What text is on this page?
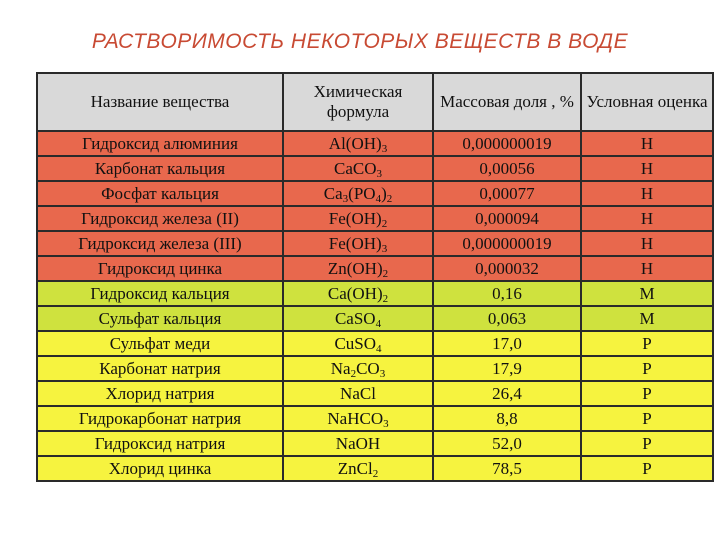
РАСТВОРИМОСТЬ НЕКОТОРЫХ ВЕЩЕСТВ В ВОДЕ
Название вещества	Химическая формула	Массовая доля , %	Условная оценка
Гидроксид алюминия	$Al(OH)_3$	0,000000019	Н
Карбонат кальция	CaCO$_3$	0,00056	Н
Фосфат кальция	$Ca_3(PO_4)_2$	0,00077	Н
Гидроксид железа (II)	$Fe(OH)_2$	0,000094	Н
Гидроксид железа (III)	$Fe(OH)_3$	0,000000019	Н
Гидроксид цинка	$Zn(OH)_2$	0,000032	Н
Гидроксид кальция	$Ca(OH)_2$	0,16	М
Сульфат кальция	CaSO$_4$	0,063	М
Сульфат меди	CuSO$_4$	17,0	Р
Карбонат натрия	$Na_2CO_3$	17,9	Р
Хлорид натрия	NaCl	26,4	Р
Гидрокарбонат натрия	NaHCO$_3$	8,8	Р
Гидроксид натрия	NaOH	52,0	Р
Хлорид цинка	ZnCl$_2$	78,5	Р
